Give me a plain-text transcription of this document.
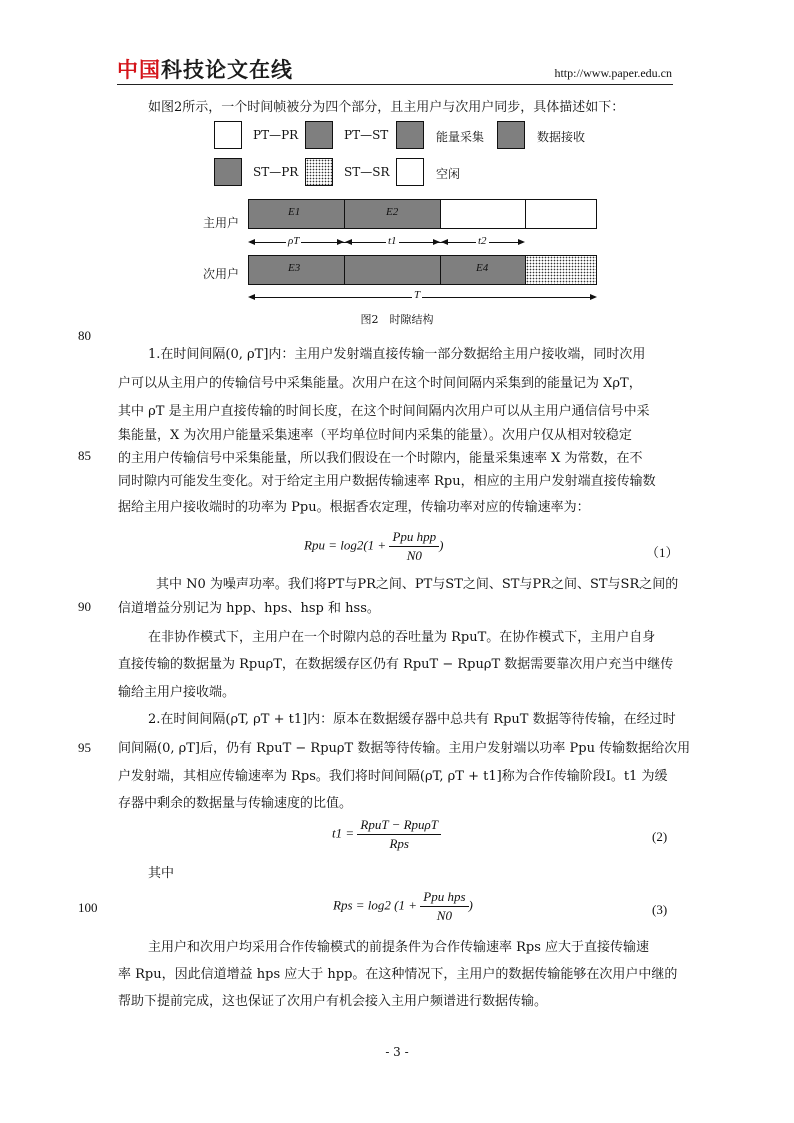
中国科技论文在线	http://www.paper.edu.cn
如图2所示，一个时间帧被分为四个部分，且主用户与次用户同步，具体描述如下：
PT—PR	PT—ST	能量采集	数据接收
ST—PR	ST—SR	空闲
主用户
E1	E2
ρT	t1	t2
次用户	E3	E4
T
图2　时隙结构
80
85
90
95
100
1.在时间间隔(0, ρT]内：主用户发射端直接传输一部分数据给主用户接收端，同时次用
户可以从主用户的传输信号中采集能量。次用户在这个时间间隔内采集到的能量记为 XρT，
其中 ρT 是主用户直接传输的时间长度，在这个时间间隔内次用户可以从主用户通信信号中采
集能量，X 为次用户能量采集速率（平均单位时间内采集的能量）。次用户仅从相对较稳定
的主用户传输信号中采集能量，所以我们假设在一个时隙内，能量采集速率 X 为常数，在不
同时隙内可能发生变化。对于给定主用户数据传输速率 Rpu，相应的主用户发射端直接传输数
据给主用户接收端时的功率为 Ppu。根据香农定理，传输功率对应的传输速率为：
Rpu = $\log 2(1 + \frac{\text{Ppu hpp}}{N0}$ )
（1）
其中 N0 为噪声功率。我们将PT与PR之间、PT与ST之间、ST与PR之间、ST与SR之间的
信道增益分别记为 hpp、hps、hsp 和 hss。
在非协作模式下，主用户在一个时隙内总的吞吐量为 RpuT。在协作模式下，主用户自身
直接传输的数据量为 RpuρT，在数据缓存区仍有 RpuT − RpuρT 数据需要靠次用户充当中继传
输给主用户接收端。
2.在时间间隔(ρT, ρT + t1]内：原本在数据缓存器中总共有 RpuT 数据等待传输，在经过时
间间隔(0, ρT]后，仍有 RpuT − RpuρT 数据等待传输。主用户发射端以功率 Ppu 传输数据给次用
户发射端，其相应传输速率为 Rps。我们将时间间隔(ρT, ρT + t1]称为合作传输阶段I。t1 为缓
存器中剩余的数据量与传输速度的比值。
$t1 = \frac{\text{RpuT − RpuρT}}{\text{Rps}}$	(2)
其中
Rps = log2 ($1 + \frac{\text{Ppu hps}}{N0}$ )	(3)
主用户和次用户均采用合作传输模式的前提条件为合作传输速率 Rps 应大于直接传输速
率 Rpu，因此信道增益 hps 应大于 hpp。在这种情况下，主用户的数据传输能够在次用户中继的
帮助下提前完成，这也保证了次用户有机会接入主用户频谱进行数据传输。
- 3 -
